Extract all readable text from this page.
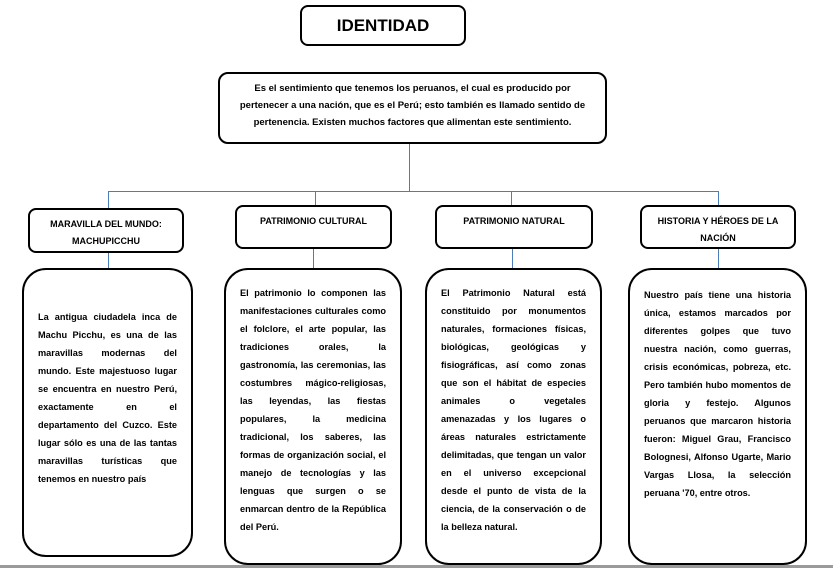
IDENTIDAD
Es el sentimiento que tenemos los peruanos, el cual es producido por pertenecer a una nación, que es el Perú; esto también es llamado sentido de pertenencia. Existen muchos factores que alimentan este sentimiento.
MARAVILLA DEL MUNDO: MACHUPICCHU
PATRIMONIO CULTURAL	PATRIMONIO NATURAL	HISTORIA Y HÉROES DE LA NACIÓN
La antigua ciudadela inca de Machu Picchu, es una de las maravillas modernas del mundo. Este majestuoso lugar se encuentra en nuestro Perú, exactamente en el departamento del Cuzco. Este lugar sólo es una de las tantas maravillas turísticas que tenemos en nuestro país
El patrimonio lo componen las manifestaciones culturales como el folclore, el arte popular, las tradiciones orales, la gastronomía, las ceremonias, las costumbres mágico-religiosas, las leyendas, las fiestas populares, la medicina tradicional, los saberes, las formas de organización social, el manejo de tecnologías y las lenguas que surgen o se enmarcan dentro de la República del Perú.
El Patrimonio Natural está constituido por monumentos naturales, formaciones físicas, biológicas, geológicas y fisiográficas, así como zonas que son el hábitat de especies animales o vegetales amenazadas y los lugares o áreas naturales estrictamente delimitadas, que tengan un valor en el universo excepcional desde el punto de vista de la ciencia, de la conservación o de la belleza natural.
Nuestro país tiene una historia única, estamos marcados por diferentes golpes que tuvo nuestra nación, como guerras, crisis económicas, pobreza, etc. Pero también hubo momentos de gloria y festejo. Algunos peruanos que marcaron historia fueron: Miguel Grau, Francisco Bolognesi, Alfonso Ugarte, Mario Vargas Llosa, la selección peruana '70, entre otros.
